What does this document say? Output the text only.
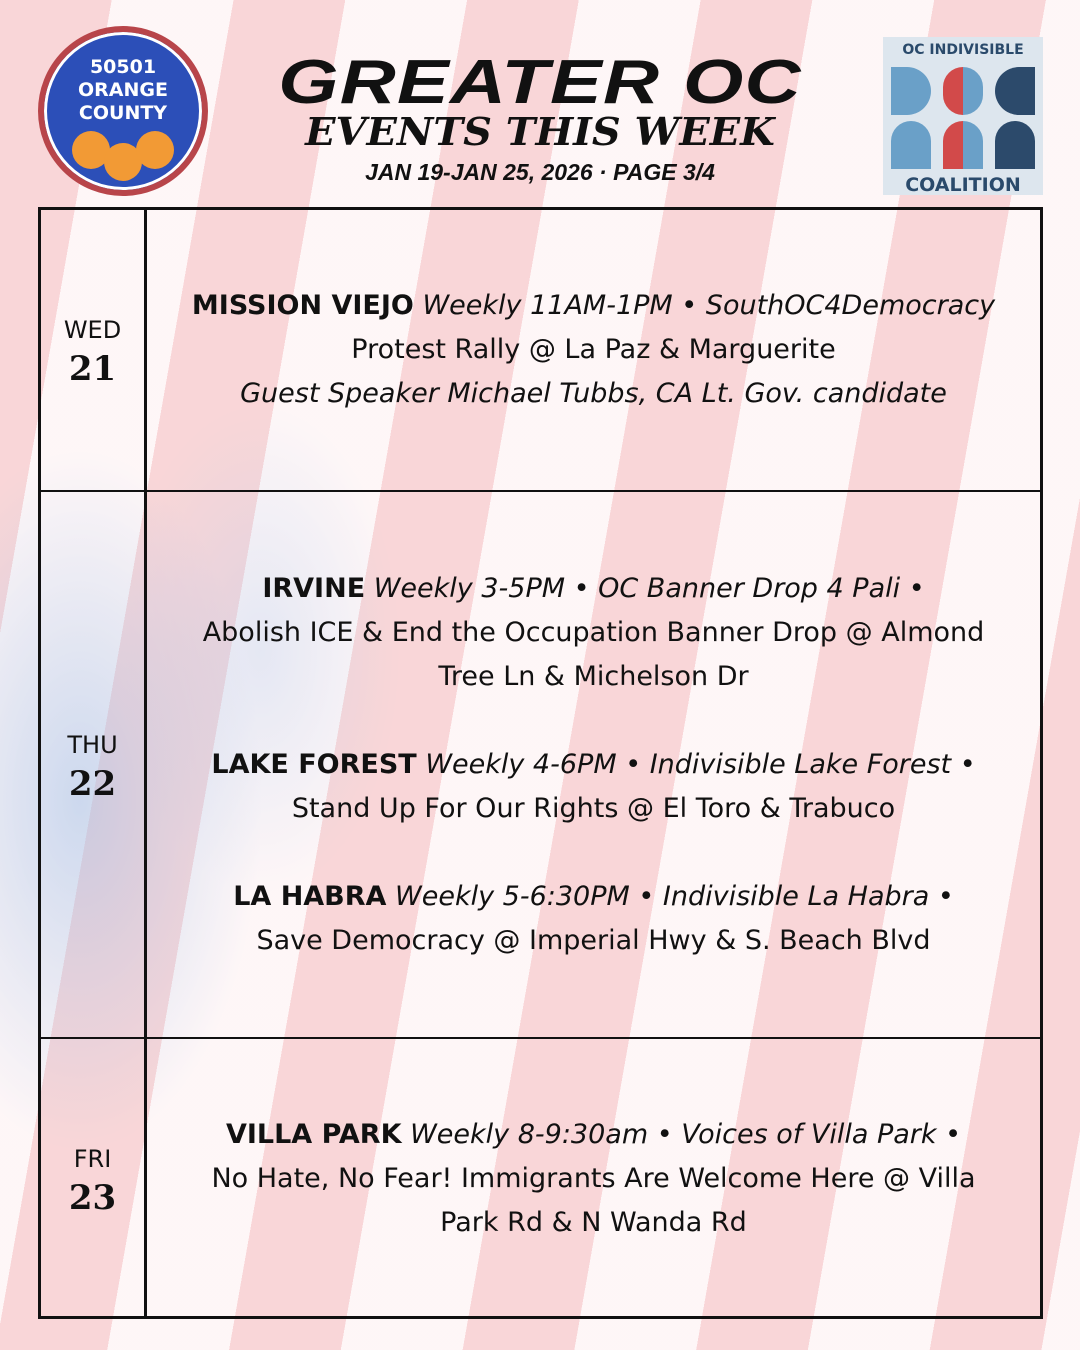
50501
ORANGE
COUNTY	GREATER OC
EVENTS THIS WEEK
JAN 19-JAN 25, 2026 · PAGE 3/4
OC INDIVISIBLE
COALITION
WED
21
MISSION VIEJO Weekly 11AM-1PM • SouthOC4Democracy
Protest Rally @ La Paz & Marguerite
Guest Speaker Michael Tubbs, CA Lt. Gov. candidate
THU
22
IRVINE Weekly 3-5PM • OC Banner Drop 4 Pali •
Abolish ICE & End the Occupation Banner Drop @ Almond
Tree Ln & Michelson Dr
LAKE FOREST Weekly 4-6PM • Indivisible Lake Forest •
Stand Up For Our Rights @ El Toro & Trabuco
LA HABRA Weekly 5-6:30PM • Indivisible La Habra •
Save Democracy @ Imperial Hwy & S. Beach Blvd
FRI
23
VILLA PARK Weekly 8-9:30am • Voices of Villa Park •
No Hate, No Fear! Immigrants Are Welcome Here @ Villa
Park Rd & N Wanda Rd
